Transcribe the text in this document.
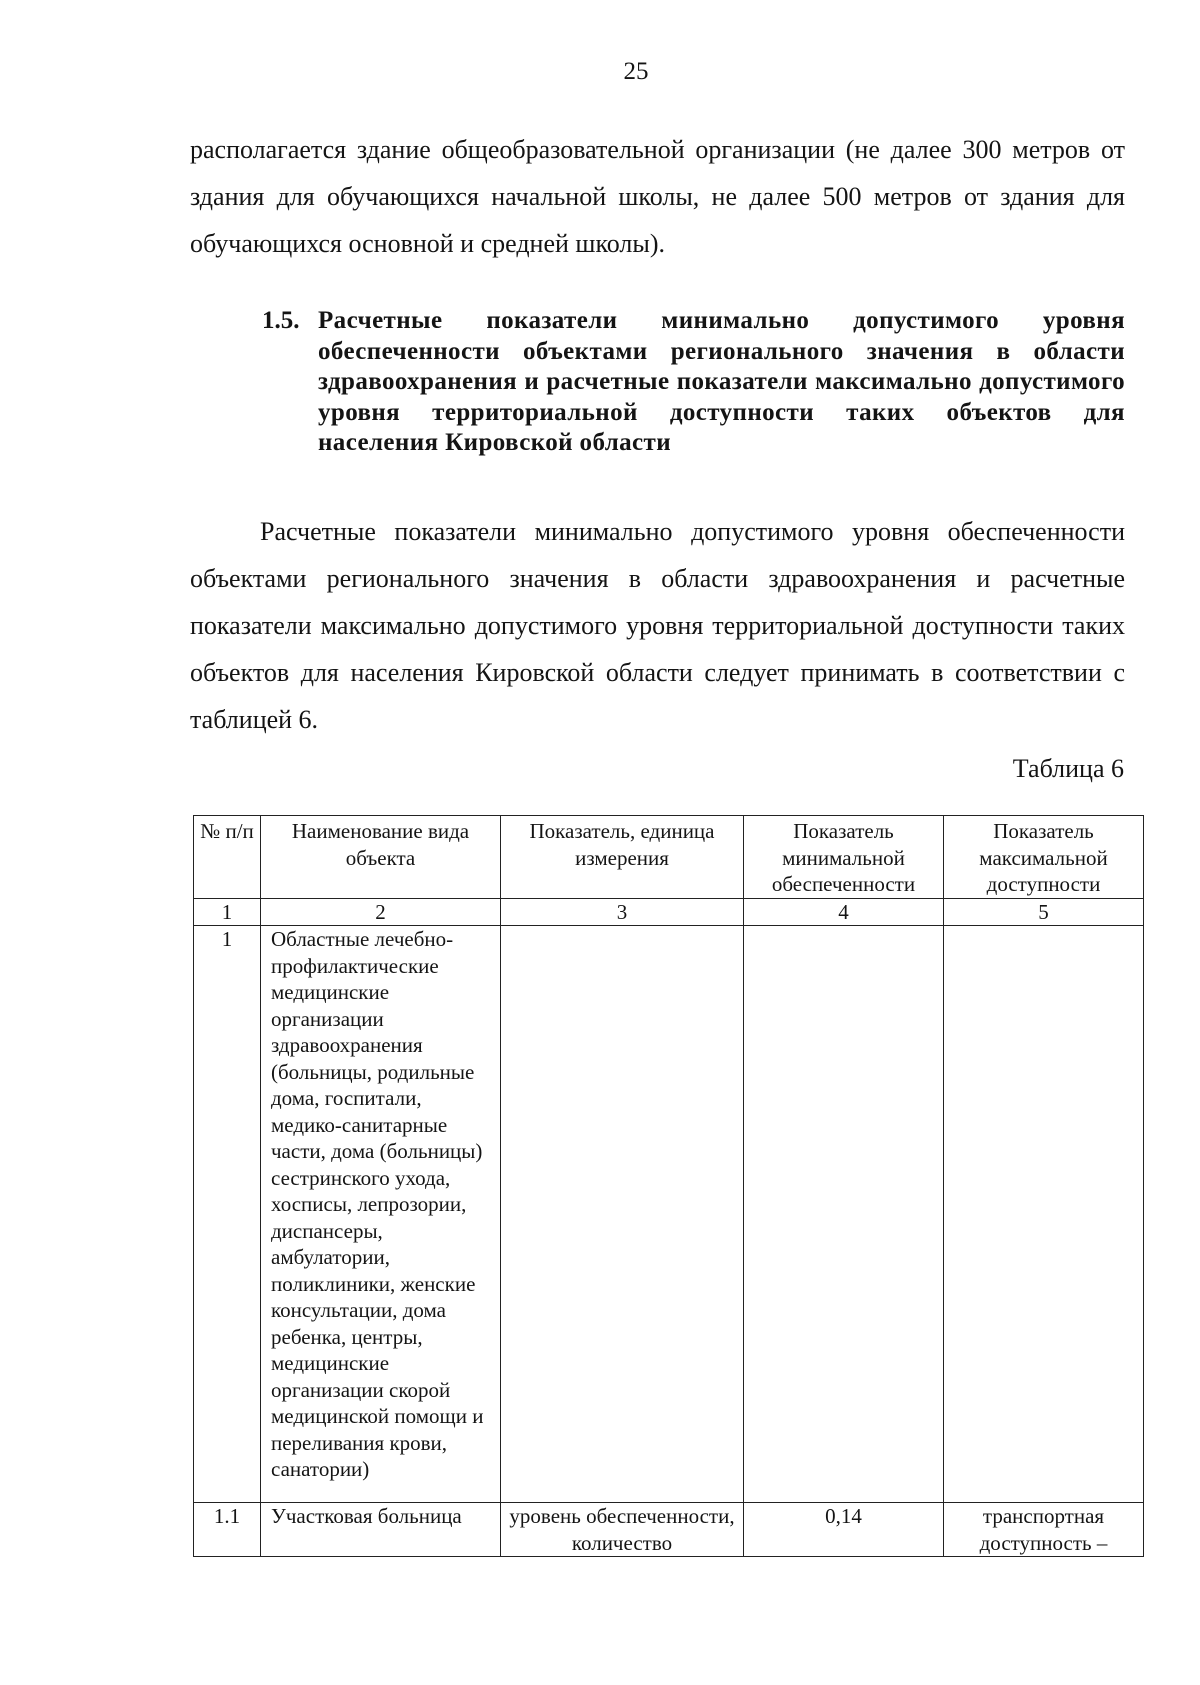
25

располагается здание общеобразовательной организации (не далее 300 метров от здания для обучающихся начальной школы, не далее 500 метров от здания для обучающихся основной и средней школы).

1.5. Расчетные показатели минимально допустимого уровня обеспеченности объектами регионального значения в области здравоохранения и расчетные показатели максимально допустимого уровня территориальной доступности таких объектов для населения Кировской области

Расчетные показатели минимально допустимого уровня обеспеченности объектами регионального значения в области здравоохранения и расчетные показатели максимально допустимого уровня территориальной доступности таких объектов для населения Кировской области следует принимать в соответствии с таблицей 6.

Таблица 6
№ п/п	Наименование вида объекта	Показатель, единица измерения	Показатель минимальной обеспеченности	Показатель максимальной доступности
1	2	3	4	5
1	Областные лечебно-профилактические медицинские организации здравоохранения (больницы, родильные дома, госпитали, медико-санитарные части, дома (больницы) сестринского ухода, хосписы, лепрозории, диспансеры, амбулатории, поликлиники, женские консультации, дома ребенка, центры, медицинские организации скорой медицинской помощи и переливания крови, санатории)			
1.1	Участковая больница	уровень обеспеченности, количество	0,14	транспортная доступность –
